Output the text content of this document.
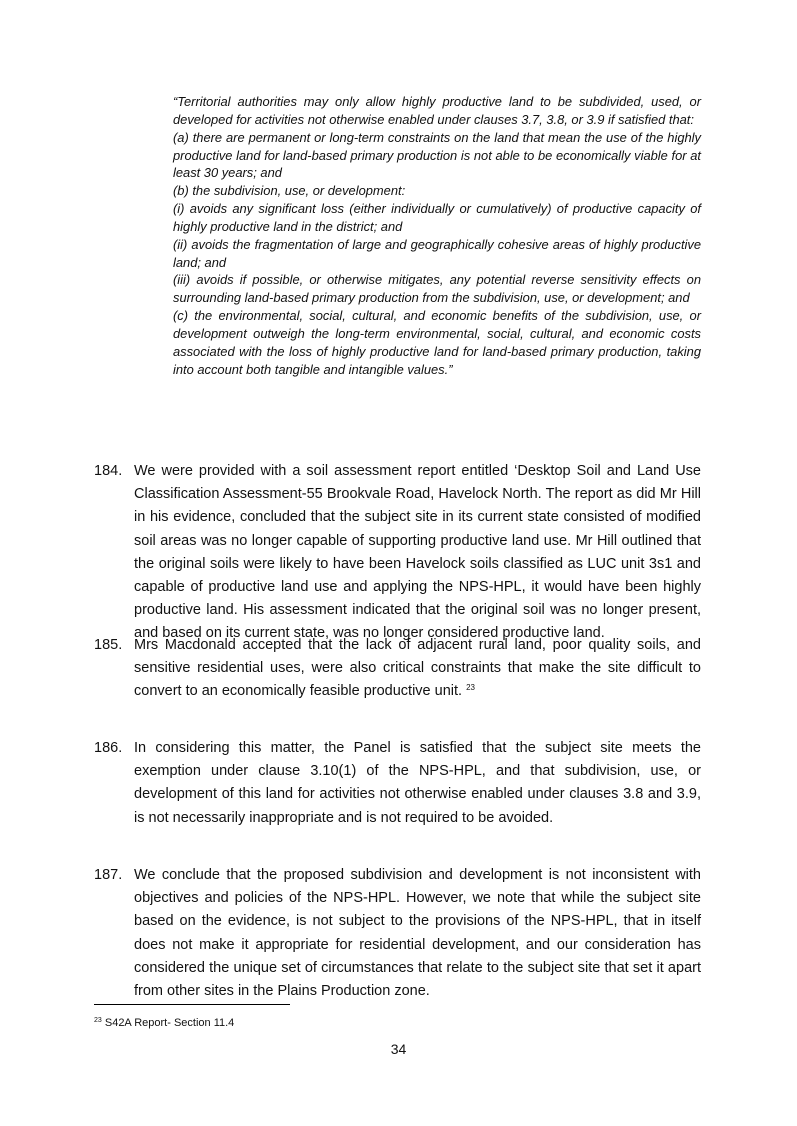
“Territorial authorities may only allow highly productive land to be subdivided, used, or developed for activities not otherwise enabled under clauses 3.7, 3.8, or 3.9 if satisfied that:

(a) there are permanent or long-term constraints on the land that mean the use of the highly productive land for land-based primary production is not able to be economically viable for at least 30 years; and

(b) the subdivision, use, or development:

(i) avoids any significant loss (either individually or cumulatively) of productive capacity of highly productive land in the district; and

(ii) avoids the fragmentation of large and geographically cohesive areas of highly productive land; and

(iii) avoids if possible, or otherwise mitigates, any potential reverse sensitivity effects on surrounding land-based primary production from the subdivision, use, or development; and

(c) the environmental, social, cultural, and economic benefits of the subdivision, use, or development outweigh the long-term environmental, social, cultural, and economic costs associated with the loss of highly productive land for land-based primary production, taking into account both tangible and intangible values.”

184. We were provided with a soil assessment report entitled ‘Desktop Soil and Land Use Classification Assessment-55 Brookvale Road, Havelock North. The report as did Mr Hill in his evidence, concluded that the subject site in its current state consisted of modified soil areas was no longer capable of supporting productive land use. Mr Hill outlined that the original soils were likely to have been Havelock soils classified as LUC unit 3s1 and capable of productive land use and applying the NPS-HPL, it would have been highly productive land. His assessment indicated that the original soil was no longer present, and based on its current state, was no longer considered productive land.
185. Mrs Macdonald accepted that the lack of adjacent rural land, poor quality soils, and sensitive residential uses, were also critical constraints that make the site difficult to convert to an economically feasible productive unit. $^{23}$
186. In considering this matter, the Panel is satisfied that the subject site meets the exemption under clause 3.10(1) of the NPS-HPL, and that subdivision, use, or development of this land for activities not otherwise enabled under clauses 3.8 and 3.9, is not necessarily inappropriate and is not required to be avoided.
187. We conclude that the proposed subdivision and development is not inconsistent with objectives and policies of the NPS-HPL. However, we note that while the subject site based on the evidence, is not subject to the provisions of the NPS-HPL, that in itself does not make it appropriate for residential development, and our consideration has considered the unique set of circumstances that relate to the subject site that set it apart from other sites in the Plains Production zone.
$^{23}$ S42A Report- Section 11.4
34
